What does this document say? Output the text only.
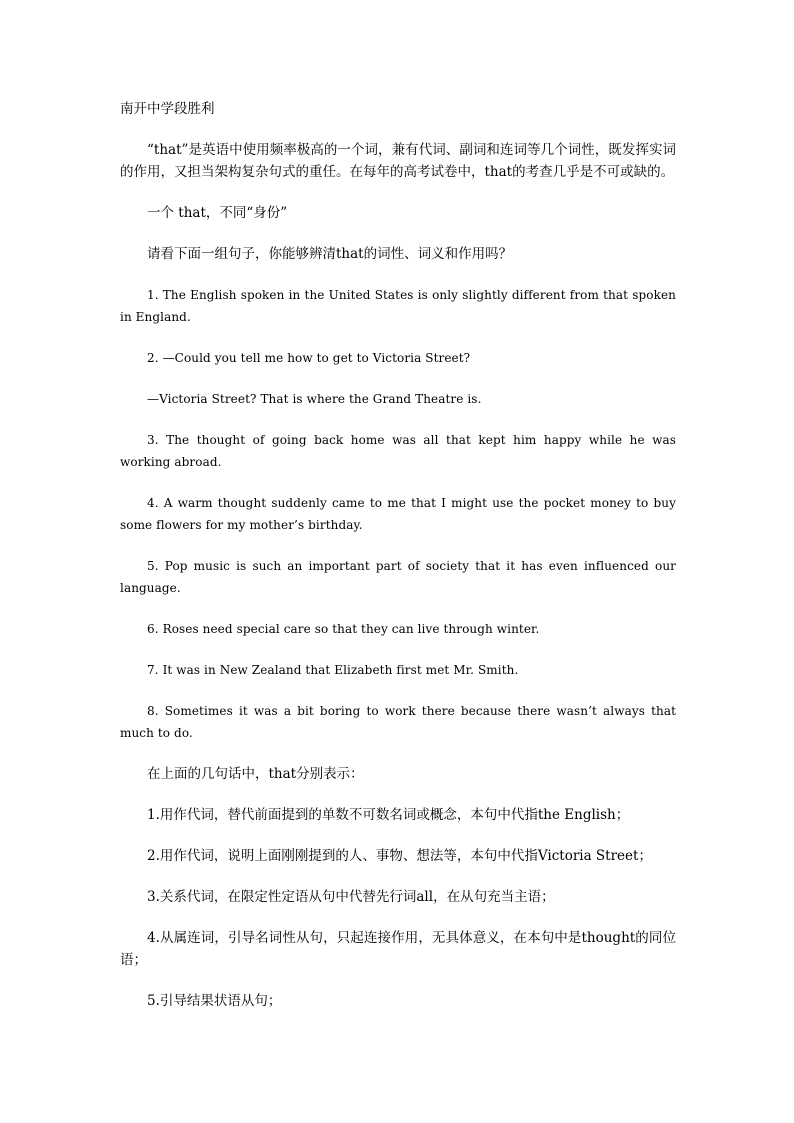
南开中学段胜利

“that”是英语中使用频率极高的一个词，兼有代词、副词和连词等几个词性，既发挥实词的作用，又担当架构复杂句式的重任。在每年的高考试卷中，that的考查几乎是不可或缺的。

一个 that，不同“身份”

请看下面一组句子，你能够辨清that的词性、词义和作用吗？

1. The English spoken in the United States is only slightly different from that spoken in England.

2. —Could you tell me how to get to Victoria Street?

—Victoria Street? That is where the Grand Theatre is.

3. The thought of going back home was all that kept him happy while he was working abroad.

4. A warm thought suddenly came to me that I might use the pocket money to buy some flowers for my mother’s birthday.

5. Pop music is such an important part of society that it has even influenced our language.

6. Roses need special care so that they can live through winter.

7. It was in New Zealand that Elizabeth first met Mr. Smith.

8. Sometimes it was a bit boring to work there because there wasn’t always that much to do.

在上面的几句话中，that分别表示：

1.用作代词，替代前面提到的单数不可数名词或概念，本句中代指the English；

2.用作代词，说明上面刚刚提到的人、事物、想法等，本句中代指Victoria Street；

3.关系代词，在限定性定语从句中代替先行词all，在从句充当主语；

4.从属连词，引导名词性从句，只起连接作用，无具体意义，在本句中是thought的同位语；

5.引导结果状语从句；
